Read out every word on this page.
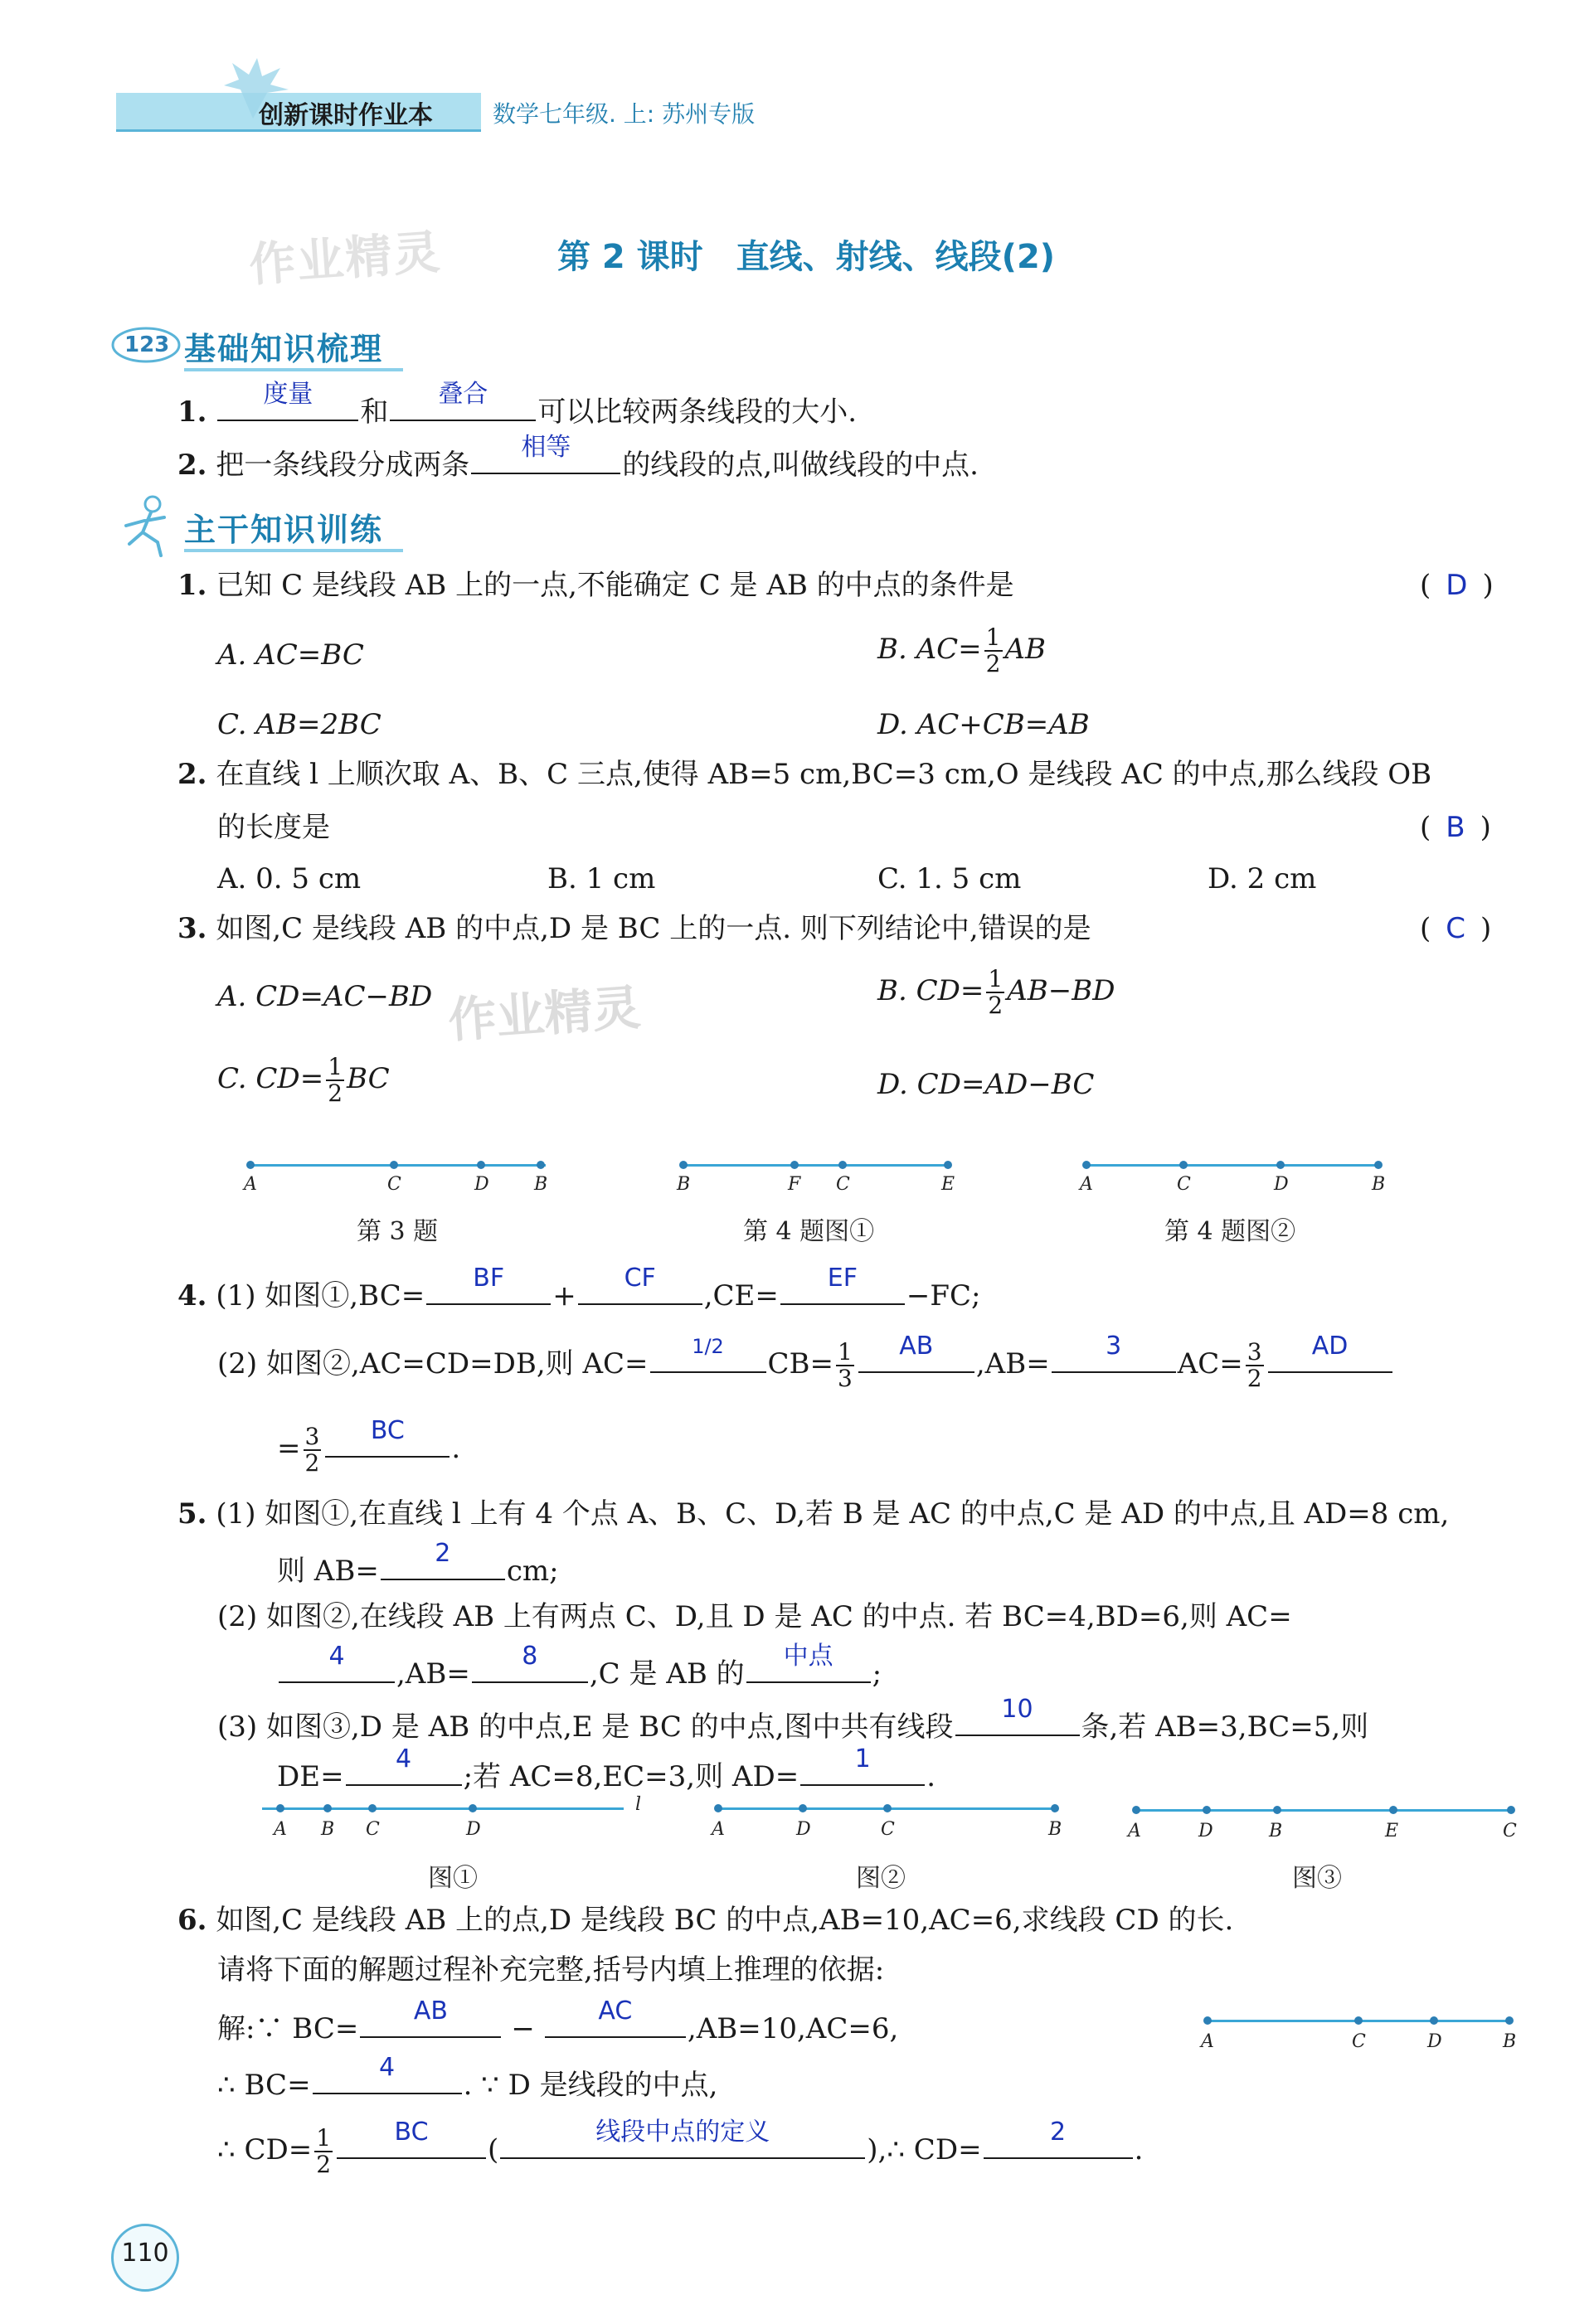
创新课时作业本	数学七年级. 上: 苏州专版
作业精灵	第 2 课时　直线、射线、线段(2)
123 基础知识梳理
1.
度量
和
叠合
可以比较两条线段的大小.
2. 把一条线段分成两条
相等
的线段的点,叫做线段的中点.
主干知识训练
1. 已知 C 是线段 AB 上的一点,不能确定 C 是 AB 的中点的条件是	( D )
A. AC=BC	B. $AC= \frac{1}{2}$ AB
C. AB=2BC	D. AC+CB=AB
2. 在直线 l 上顺次取 A、B、C 三点,使得 AB=5 cm,BC=3 cm,O 是线段 AC 的中点,那么线段 OB
的长度是	( B )
A. 0. 5 cm	B. 1 cm	C. 1. 5 cm	D. 2 cm
3. 如图,C 是线段 AB 的中点,D 是 BC 上的一点. 则下列结论中,错误的是	( C )
A. CD=AC−BD 作业精灵	B. $CD= \frac{1}{2} AB-BD$
C. $CD= \frac{1}{2}$ BC	D. CD=AD−BC
A	C	D B
第 3 题
B	F C	E
第 4 题图①
A	C	D	B
第 4 题图②
4. (1) 如图①,BC=
BF
+
CF
,CE=
EF
−FC;
(2) 如图②,AC=CD=DB,则 AC=
1/2
$CB= \frac{1}{3}$	AB
,AB=
3
$AC= \frac{3}{2}$	AD
= $\frac{3}{2}$	BC
.
5. (1) 如图①,在直线 l 上有 4 个点 A、B、C、D,若 B 是 AC 的中点,C 是 AD 的中点,且 AD=8 cm,
则 AB=
2
cm;
(2) 如图②,在线段 AB 上有两点 C、D,且 D 是 AC 的中点. 若 BC=4,BD=6,则 AC=
4
,AB=
8
,C 是 AB 的
中点
;
(3) 如图③,D 是 AB 的中点,E 是 BC 的中点,图中共有线段
10
条,若 AB=3,BC=5,则
DE=
4
;若 AC=8,EC=3,则 AD=
1
.
A B C	D
l
图①
A	D	C	B
图②
A	D	B	E	C
图③
6. 如图,C 是线段 AB 上的点,D 是线段 BC 的中点,AB=10,AC=6,求线段 CD 的长.
请将下面的解题过程补充完整,括号内填上推理的依据:
解:∵ BC=
AB
−
AC
,AB=10,AC=6,
∴ BC=
4
. ∵ D 是线段的中点,
∴ $CD= \frac{1}{2}$	BC
(
线段中点的定义
),∴ CD=
2
.
A	C	D	B
110
